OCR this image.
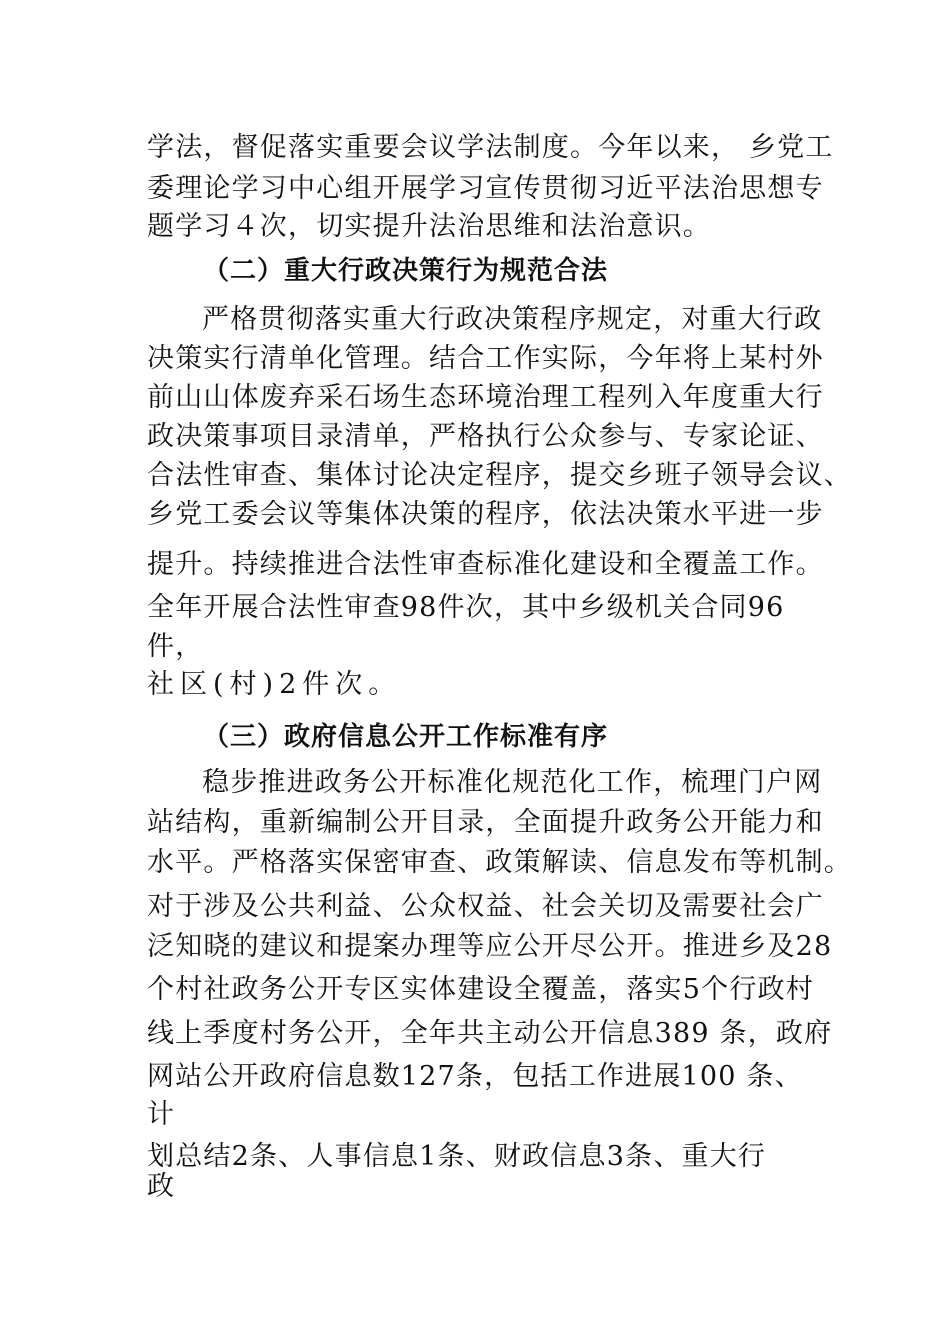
学法，督促落实重要会议学法制度。今年以来， 乡党工
委理论学习中心组开展学习宣传贯彻习近平法治思想专
题学习４次，切实提升法治思维和法治意识。
（二）重大行政决策行为规范合法
严格贯彻落实重大行政决策程序规定，对重大行政
决策实行清单化管理。结合工作实际，今年将上某村外
前山山体废弃采石场生态环境治理工程列入年度重大行
政决策事项目录清单，严格执行公众参与、专家论证、
合法性审查、集体讨论决定程序，提交乡班子领导会议、
乡党工委会议等集体决策的程序，依法决策水平进一步
提升。持续推进合法性审查标准化建设和全覆盖工作。
全年开展合法性审查98件次，其中乡级机关合同96
件，
社区(村)2件次。
（三）政府信息公开工作标准有序
稳步推进政务公开标准化规范化工作，梳理门户网
站结构，重新编制公开目录，全面提升政务公开能力和
水平。严格落实保密审查、政策解读、信息发布等机制。
对于涉及公共利益、公众权益、社会关切及需要社会广
泛知晓的建议和提案办理等应公开尽公开。推进乡及28
个村社政务公开专区实体建设全覆盖，落实5个行政村
线上季度村务公开，全年共主动公开信息389 条，政府
网站公开政府信息数127条，包括工作进展100 条、
计
划总结2条、人事信息1条、财政信息3条、重大行
政
